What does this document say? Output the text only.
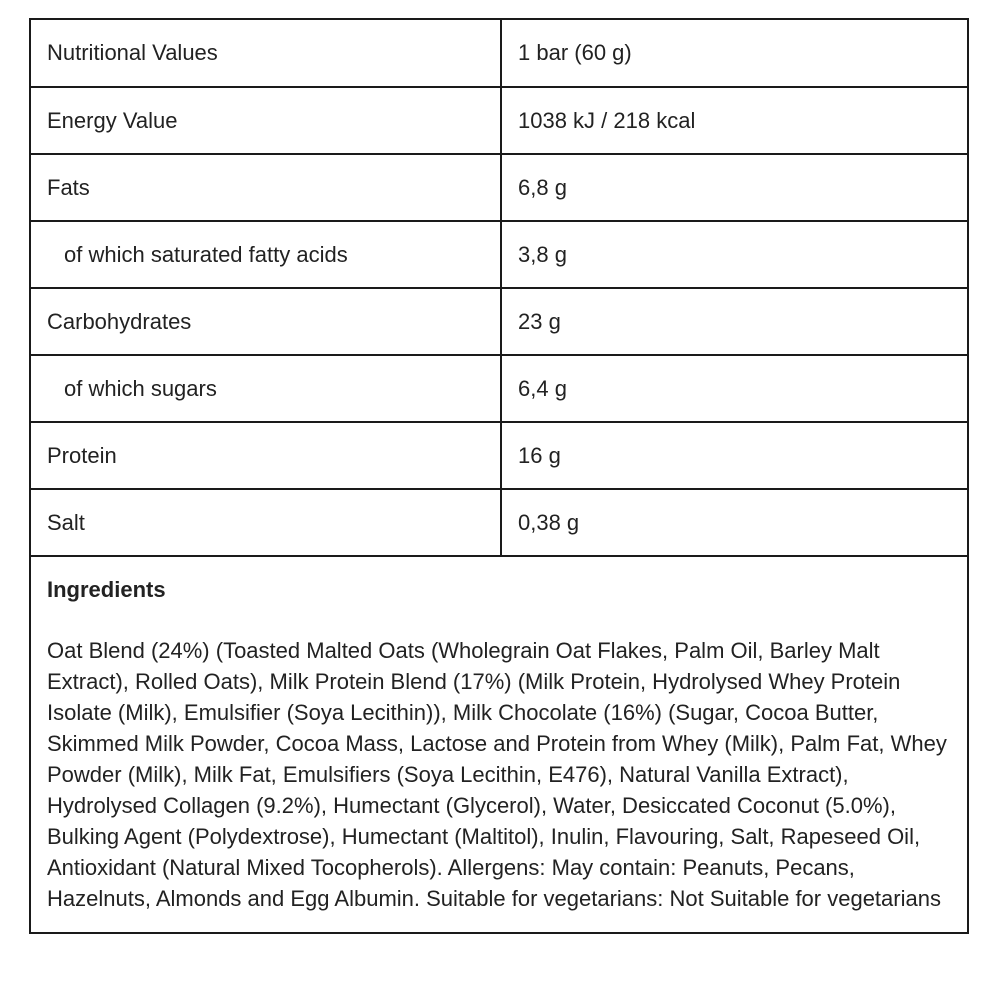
Nutritional Values	1 bar (60 g)
Energy Value	1038 kJ / 218 kcal
Fats	6,8 g
of which saturated fatty acids	3,8 g
Carbohydrates	23 g
of which sugars	6,4 g
Protein	16 g
Salt	0,38 g
Ingredients

Oat Blend (24%) (Toasted Malted Oats (Wholegrain Oat Flakes, Palm Oil, Barley Malt Extract), Rolled Oats), Milk Protein Blend (17%) (Milk Protein, Hydrolysed Whey Protein Isolate (Milk), Emulsifier (Soya Lecithin)), Milk Chocolate (16%) (Sugar, Cocoa Butter, Skimmed Milk Powder, Cocoa Mass, Lactose and Protein from Whey (Milk), Palm Fat, Whey Powder (Milk), Milk Fat, Emulsifiers (Soya Lecithin, E476), Natural Vanilla Extract), Hydrolysed Collagen (9.2%), Humectant (Glycerol), Water, Desiccated Coconut (5.0%), Bulking Agent (Polydextrose), Humectant (Maltitol), Inulin, Flavouring, Salt, Rapeseed Oil, Antioxidant (Natural Mixed Tocopherols). Allergens: May contain: Peanuts, Pecans, Hazelnuts, Almonds and Egg Albumin. Suitable for vegetarians: Not Suitable for vegetarians
